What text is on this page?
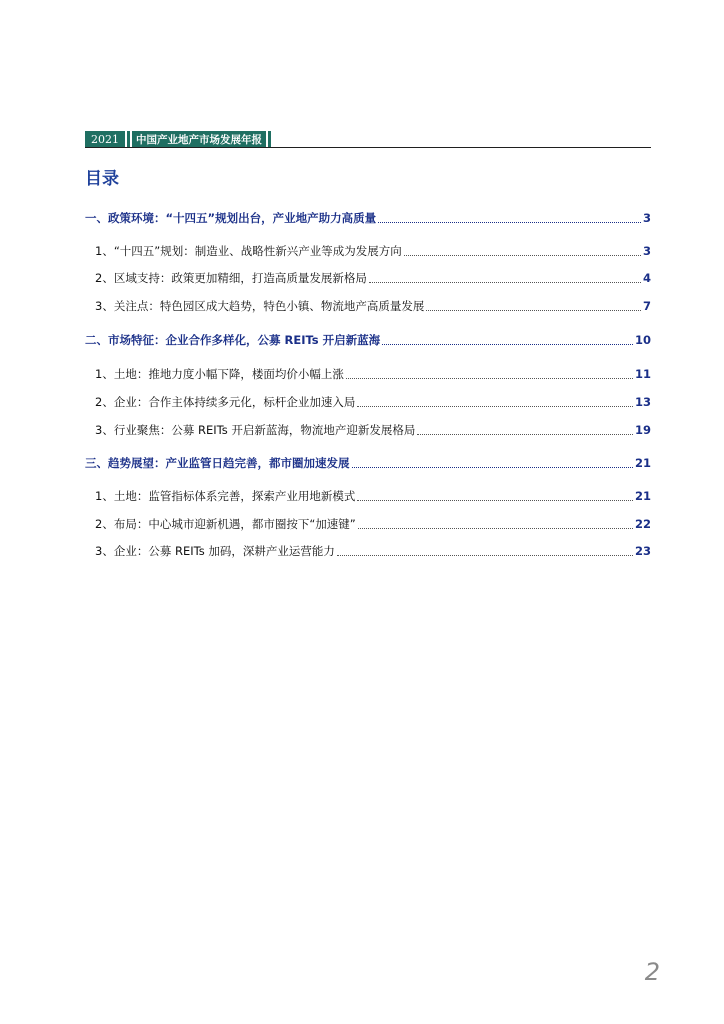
2021	中国产业地产市场发展年报
目录
一、政策环境：“十四五”规划出台，产业地产助力高质量	3
1、“十四五”规划：制造业、战略性新兴产业等成为发展方向	3
2、区域支持：政策更加精细，打造高质量发展新格局	4
3、关注点：特色园区成大趋势，特色小镇、物流地产高质量发展	7
二、市场特征：企业合作多样化，公募 REITs 开启新蓝海	10
1、土地：推地力度小幅下降，楼面均价小幅上涨	11
2、企业：合作主体持续多元化，标杆企业加速入局	13
3、行业聚焦：公募 REITs 开启新蓝海，物流地产迎新发展格局	19
三、趋势展望：产业监管日趋完善，都市圈加速发展	21
1、土地：监管指标体系完善，探索产业用地新模式	21
2、布局：中心城市迎新机遇，都市圈按下“加速键”	22
3、企业：公募 REITs 加码，深耕产业运营能力	23
2
